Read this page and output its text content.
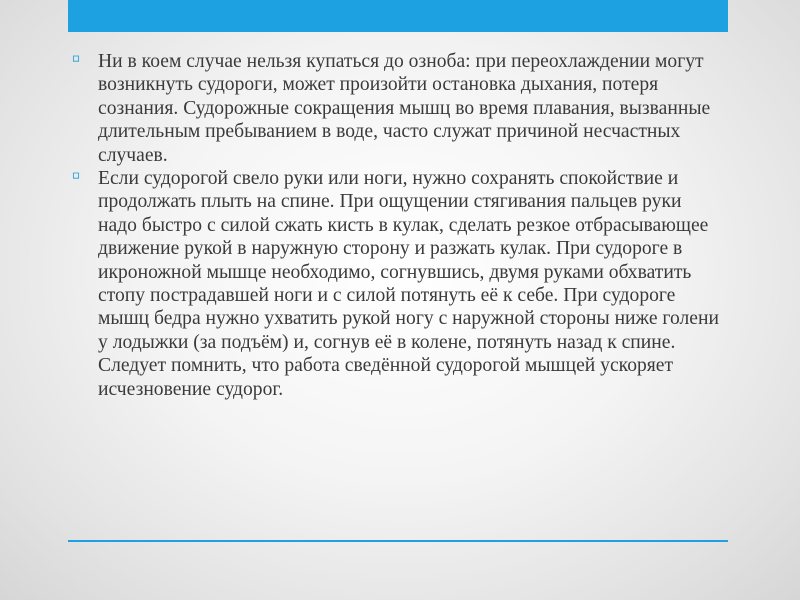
⸋ Ни в коем случае нельзя купаться до озноба: при переохлаждении могут возникнуть судороги, может произойти остановка дыхания, потеря сознания. Судорожные сокращения мышц во время плавания, вызванные длительным пребыванием в воде, часто служат причиной несчастных случаев.

⸋ Если судорогой свело руки или ноги, нужно сохранять спокойствие и продолжать плыть на спине. При ощущении стягивания пальцев руки надо быстро с силой сжать кисть в кулак, сделать резкое отбрасывающее движение рукой в наружную сторону и разжать кулак. При судороге в икроножной мышце необходимо, согнувшись, двумя руками обхватить стопу пострадавшей ноги и с силой потянуть её к себе. При судороге мышц бедра нужно ухватить рукой ногу с наружной стороны ниже голени у лодыжки (за подъём) и, согнув её в колене, потянуть назад к спине. Следует помнить, что работа сведённой судорогой мышцей ускоряет исчезновение судорог.
